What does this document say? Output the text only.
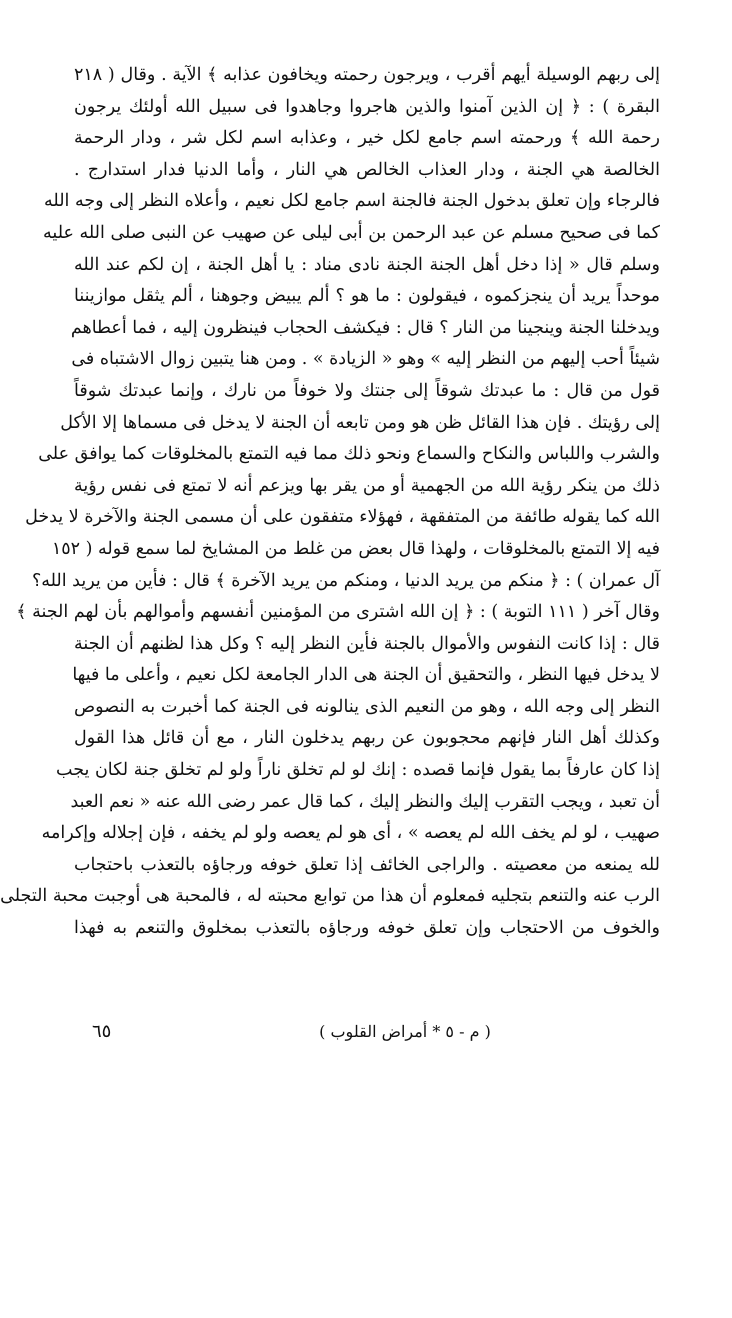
إلى ربهم الوسيلة أيهم أقرب ، ويرجون رحمته ويخافون عذابه ﴾ الآية . وقال ( ٢١٨
البقرة ) : ﴿ إن الذين آمنوا والذين هاجروا وجاهدوا فى سبيل الله أولئك يرجون
رحمة الله ﴾ ورحمته اسم جامع لكل خير ، وعذابه اسم لكل شر ، ودار الرحمة
الخالصة هي الجنة ، ودار العذاب الخالص هي النار ، وأما الدنيا فدار استدارج .
فالرجاء وإن تعلق بدخول الجنة فالجنة اسم جامع لكل نعيم ، وأعلاه النظر إلى وجه الله
كما فى صحيح مسلم عن عبد الرحمن بن أبى ليلى عن صهيب عن النبى صلى الله عليه
وسلم قال « إذا دخل أهل الجنة الجنة نادى مناد : يا أهل الجنة ، إن لكم عند الله
موحداً يريد أن ينجزكموه ، فيقولون : ما هو ؟ ألم يبيض وجوهنا ، ألم يثقل موازيننا
ويدخلنا الجنة وينجينا من النار ؟ قال : فيكشف الحجاب فينظرون إليه ، فما أعطاهم
شيئاً أحب إليهم من النظر إليه » وهو « الزيادة » . ومن هنا يتبين زوال الاشتباه فى
قول من قال : ما عبدتك شوقاً إلى جنتك ولا خوفاً من نارك ، وإنما عبدتك شوقاً
إلى رؤيتك . فإن هذا القائل ظن هو ومن تابعه أن الجنة لا يدخل فى مسماها إلا الأكل
والشرب واللباس والنكاح والسماع ونحو ذلك مما فيه التمتع بالمخلوقات كما يوافق على
ذلك من ينكر رؤية الله من الجهمية أو من يقر بها ويزعم أنه لا تمتع فى نفس رؤية
الله كما يقوله طائفة من المتفقهة ، فهؤلاء متفقون على أن مسمى الجنة والآخرة لا يدخل
فيه إلا التمتع بالمخلوقات ، ولهذا قال بعض من غلط من المشايخ لما سمع قوله ( ١٥٢
آل عمران ) : ﴿ منكم من يريد الدنيا ، ومنكم من يريد الآخرة ﴾ قال : فأين من يريد الله؟
وقال آخر ( ١١١ التوبة ) : ﴿ إن الله اشترى من المؤمنين أنفسهم وأموالهم بأن لهم الجنة ﴾
قال : إذا كانت النفوس والأموال بالجنة فأين النظر إليه ؟ وكل هذا لظنهم أن الجنة
لا يدخل فيها النظر ، والتحقيق أن الجنة هى الدار الجامعة لكل نعيم ، وأعلى ما فيها
النظر إلى وجه الله ، وهو من النعيم الذى ينالونه فى الجنة كما أخبرت به النصوص
وكذلك أهل النار فإنهم محجوبون عن ربهم يدخلون النار ، مع أن قائل هذا القول
إذا كان عارفاً بما يقول فإنما قصده : إنك لو لم تخلق ناراً ولو لم تخلق جنة لكان يجب
أن تعبد ، ويجب التقرب إليك والنظر إليك ، كما قال عمر رضى الله عنه « نعم العبد
صهيب ، لو لم يخف الله لم يعصه » ، أى هو لم يعصه ولو لم يخفه ، فإن إجلاله وإكرامه
لله يمنعه من معصيته . والراجى الخائف إذا تعلق خوفه ورجاؤه بالتعذب باحتجاب
الرب عنه والتنعم بتجليه فمعلوم أن هذا من توابع محبته له ، فالمحبة هى أوجبت محبة التجلى
والخوف من الاحتجاب وإن تعلق خوفه ورجاؤه بالتعذب بمخلوق والتنعم به فهذا
( م - ٥ * أمراض القلوب )
٦٥
